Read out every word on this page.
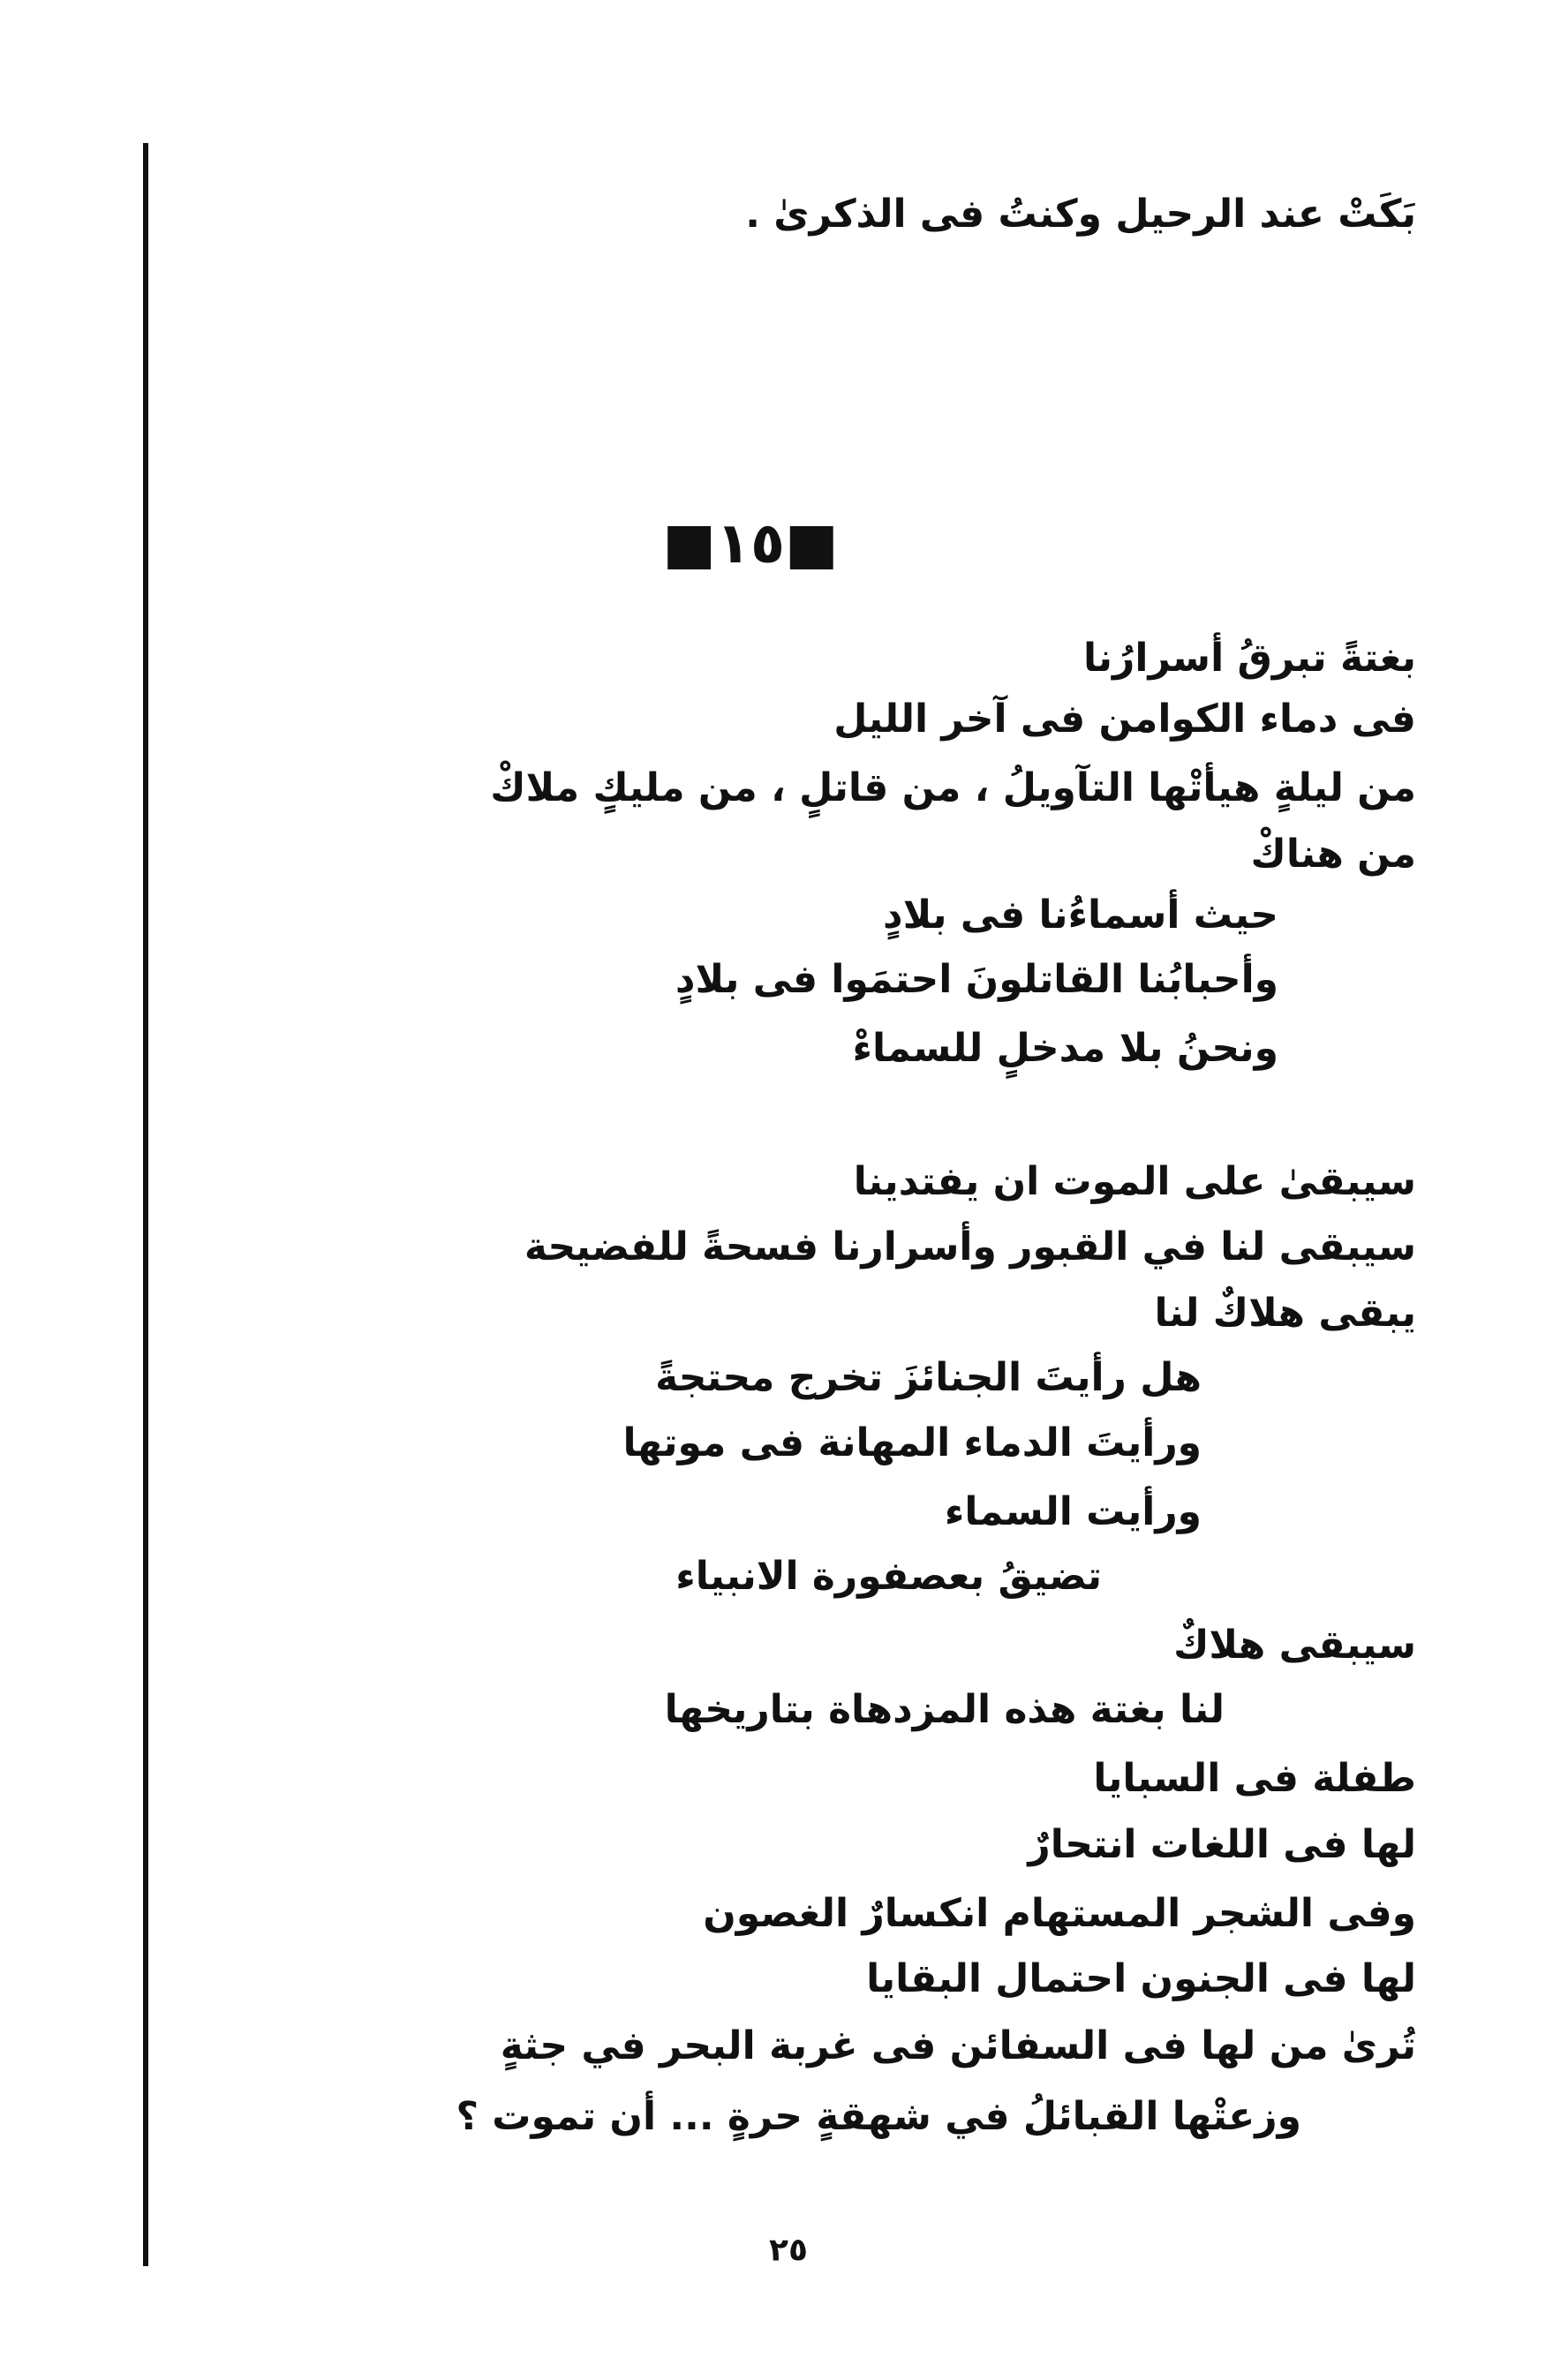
بَكَتْ عند الرحيل وكنتُ فى الذكرىٰ .
■١٥■
بغتةً تبرقُ أسرارُنا
فى دماء الكوامن فى آخر الليل
من ليلةٍ هيأتْها التآويلُ ، من قاتلٍ ، من مليكٍ ملاكْ
من هناكْ
حيث أسماءُنا فى بلادٍ
وأحبابُنا القاتلونَ احتمَوا فى بلادٍ
ونحنُ بلا مدخلٍ للسماءْ
سيبقىٰ على الموت ان يفتدينا
سيبقى لنا في القبور وأسرارنا فسحةً للفضيحة
يبقى هلاكٌ لنا
هل رأيتَ الجنائزَ تخرج محتجةً
ورأيتَ الدماء المهانة فى موتها
ورأيت السماء
تضيقُ بعصفورة الانبياء
سيبقى هلاكٌ
لنا بغتة هذه المزدهاة بتاريخها
طفلة فى السبايا
لها فى اللغات انتحارٌ
وفى الشجر المستهام انكسارٌ الغصون
لها فى الجنون احتمال البقايا
تُرىٰ من لها فى السفائن فى غربة البحر في جثةٍ
وزعتْها القبائلُ في شهقةٍ حرةٍ ... أن تموت ؟
٢٥
